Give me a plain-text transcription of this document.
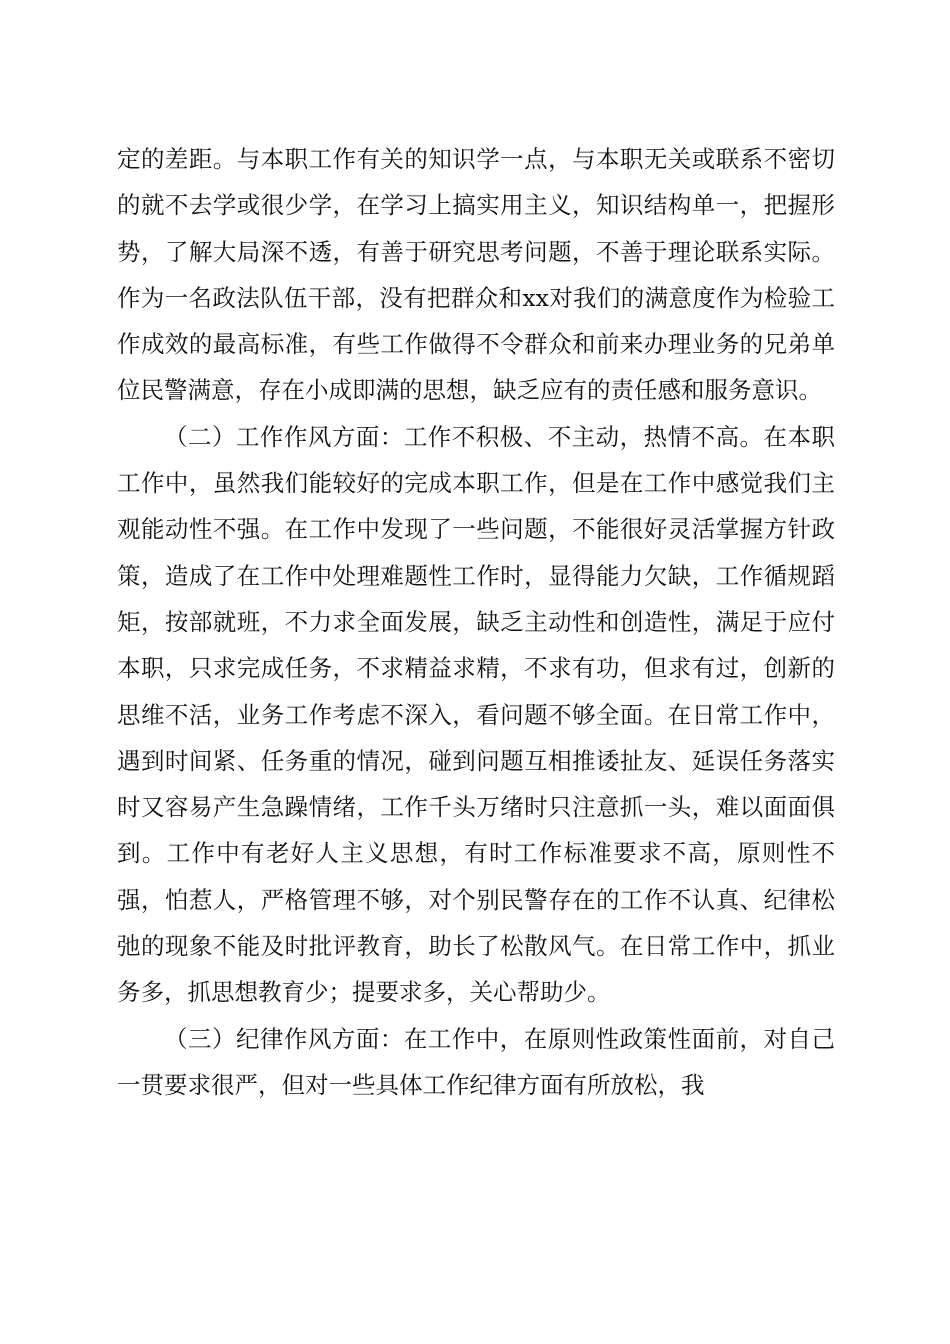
定的差距。与本职工作有关的知识学一点，与本职无关或联系不密切的就不去学或很少学，在学习上搞实用主义，知识结构单一，把握形势，了解大局深不透，有善于研究思考问题，不善于理论联系实际。作为一名政法队伍干部，没有把群众和xx对我们的满意度作为检验工作成效的最高标准，有些工作做得不令群众和前来办理业务的兄弟单位民警满意，存在小成即满的思想，缺乏应有的责任感和服务意识。

（二）工作作风方面：工作不积极、不主动，热情不高。在本职工作中，虽然我们能较好的完成本职工作，但是在工作中感觉我们主观能动性不强。在工作中发现了一些问题，不能很好灵活掌握方针政策，造成了在工作中处理难题性工作时，显得能力欠缺，工作循规蹈矩，按部就班，不力求全面发展，缺乏主动性和创造性，满足于应付本职，只求完成任务，不求精益求精，不求有功，但求有过，创新的思维不活，业务工作考虑不深入，看问题不够全面。在日常工作中，遇到时间紧、任务重的情况，碰到问题互相推诿扯友、延误任务落实时又容易产生急躁情绪，工作千头万绪时只注意抓一头，难以面面俱到。工作中有老好人主义思想，有时工作标准要求不高，原则性不强，怕惹人，严格管理不够，对个别民警存在的工作不认真、纪律松弛的现象不能及时批评教育，助长了松散风气。在日常工作中，抓业务多，抓思想教育少；提要求多，关心帮助少。

（三）纪律作风方面：在工作中，在原则性政策性面前，对自己一贯要求很严，但对一些具体工作纪律方面有所放松，我
